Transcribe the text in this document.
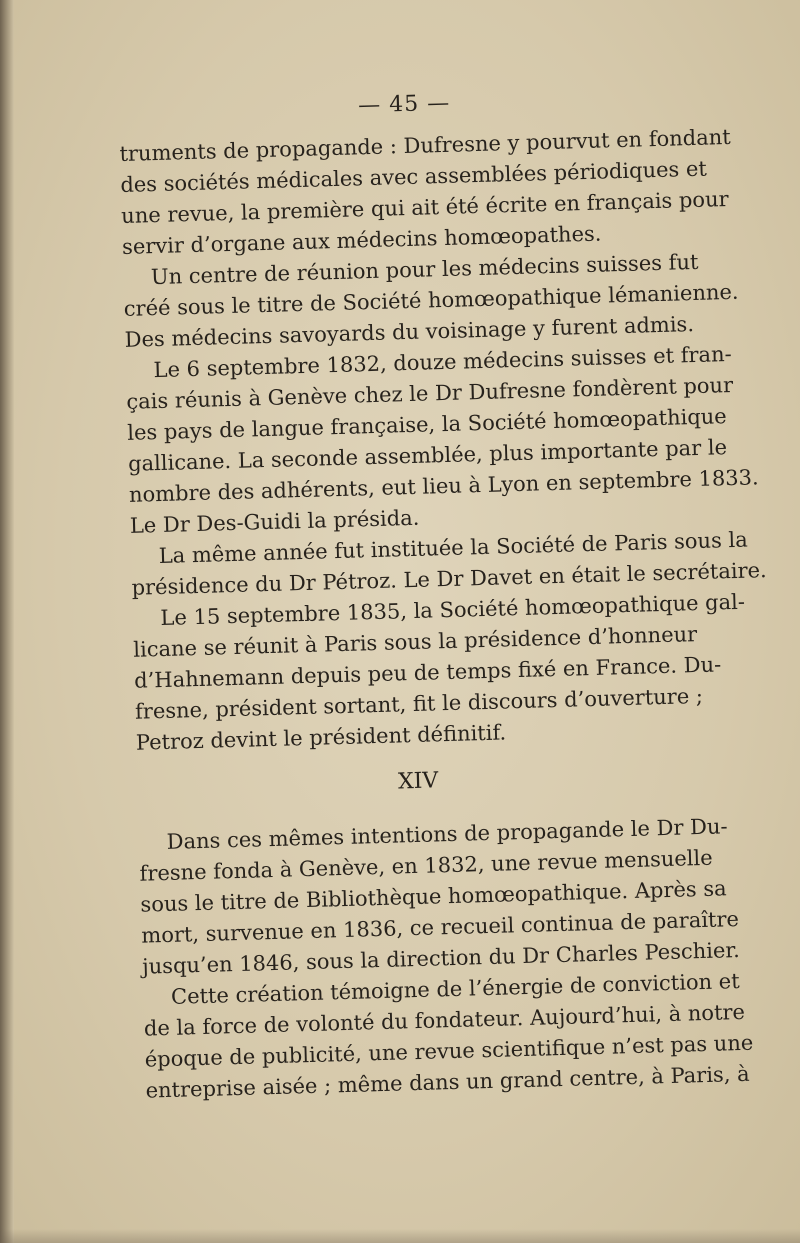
— 45 —
truments de propagande : Dufresne y pourvut en fondant
des sociétés médicales avec assemblées périodiques et
une revue, la première qui ait été écrite en français pour
servir d’organe aux médecins homœopathes.
Un centre de réunion pour les médecins suisses fut
créé sous le titre de Société homœopathique lémanienne.
Des médecins savoyards du voisinage y furent admis.
Le 6 septembre 1832, douze médecins suisses et fran-
çais réunis à Genève chez le Dr Dufresne fondèrent pour
les pays de langue française, la Société homœopathique
gallicane. La seconde assemblée, plus importante par le
nombre des adhérents, eut lieu à Lyon en septembre 1833.
Le Dr Des-Guidi la présida.
La même année fut instituée la Société de Paris sous la
présidence du Dr Pétroz. Le Dr Davet en était le secrétaire.
Le 15 septembre 1835, la Société homœopathique gal-
licane se réunit à Paris sous la présidence d’honneur
d’Hahnemann depuis peu de temps fixé en France. Du-
fresne, président sortant, fit le discours d’ouverture ;
Petroz devint le président définitif.
XIV
Dans ces mêmes intentions de propagande le Dr Du-
fresne fonda à Genève, en 1832, une revue mensuelle
sous le titre de Bibliothèque homœopathique. Après sa
mort, survenue en 1836, ce recueil continua de paraître
jusqu’en 1846, sous la direction du Dr Charles Peschier.
Cette création témoigne de l’énergie de conviction et
de la force de volonté du fondateur. Aujourd’hui, à notre
époque de publicité, une revue scientifique n’est pas une
entreprise aisée ; même dans un grand centre, à Paris, à
